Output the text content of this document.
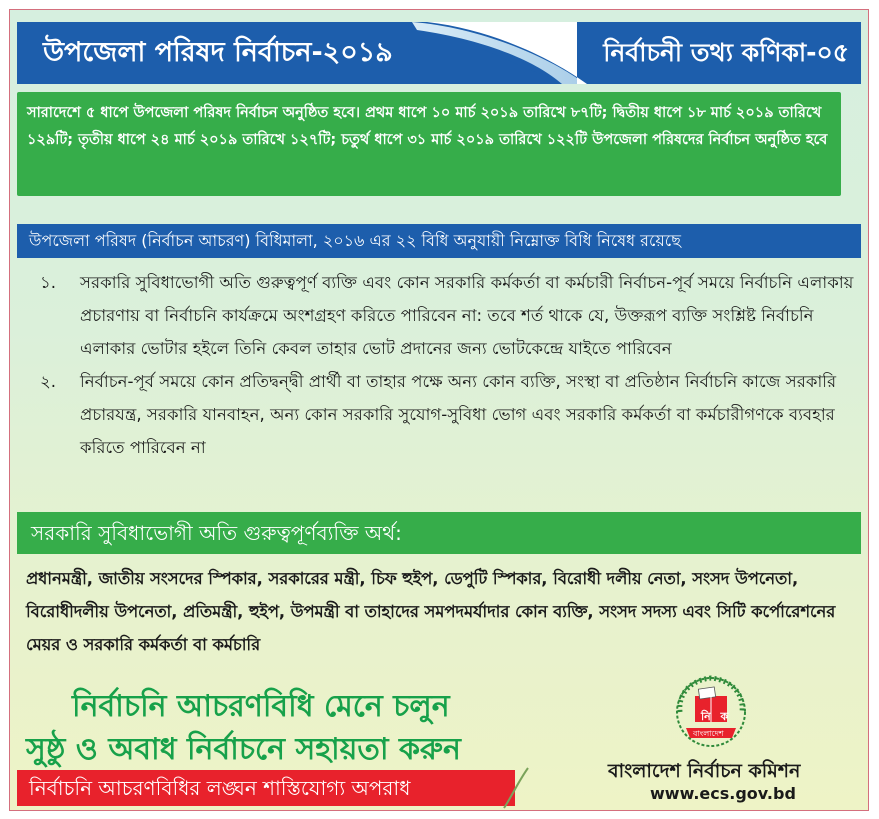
উপজেলা পরিষদ নির্বাচন-২০১৯	নির্বাচনী তথ্য কণিকা-০৫
সারাদেশে ৫ ধাপে উপজেলা পরিষদ নির্বাচন অনুষ্ঠিত হবে। প্রথম ধাপে ১০ মার্চ ২০১৯ তারিখে ৮৭টি; দ্বিতীয় ধাপে ১৮ মার্চ ২০১৯ তারিখে ১২৯টি; তৃতীয় ধাপে ২৪ মার্চ ২০১৯ তারিখে ১২৭টি; চতুর্থ ধাপে ৩১ মার্চ ২০১৯ তারিখে ১২২টি উপজেলা পরিষদের নির্বাচন অনুষ্ঠিত হবে
উপজেলা পরিষদ (নির্বাচন আচরণ) বিধিমালা, ২০১৬ এর ২২ বিধি অনুযায়ী নিম্নোক্ত বিধি নিষেধ রয়েছে
১. সরকারি সুবিধাভোগী অতি গুরুত্বপূর্ণ ব্যক্তি এবং কোন সরকারি কর্মকর্তা বা কর্মচারী নির্বাচন-পূর্ব সময়ে নির্বাচনি এলাকায় প্রচারণায় বা নির্বাচনি কার্যক্রমে অংশগ্রহণ করিতে পারিবেন না: তবে শর্ত থাকে যে, উক্তরূপ ব্যক্তি সংশ্লিষ্ট নির্বাচনি এলাকার ভোটার হইলে তিনি কেবল তাহার ভোট প্রদানের জন্য ভোটকেন্দ্রে যাইতে পারিবেন
২. নির্বাচন-পূর্ব সময়ে কোন প্রতিদ্বন্দ্বী প্রার্থী বা তাহার পক্ষে অন্য কোন ব্যক্তি, সংস্থা বা প্রতিষ্ঠান নির্বাচনি কাজে সরকারি প্রচারযন্ত্র, সরকারি যানবাহন, অন্য কোন সরকারি সুযোগ-সুবিধা ভোগ এবং সরকারি কর্মকর্তা বা কর্মচারীগণকে ব্যবহার করিতে পারিবেন না
সরকারি সুবিধাভোগী অতি গুরুত্বপূর্ণব্যক্তি অর্থ:
প্রধানমন্ত্রী, জাতীয় সংসদের স্পিকার, সরকারের মন্ত্রী, চিফ হুইপ, ডেপুটি স্পিকার, বিরোধী দলীয় নেতা, সংসদ উপনেতা, বিরোধীদলীয় উপনেতা, প্রতিমন্ত্রী, হুইপ, উপমন্ত্রী বা তাহাদের সমপদমর্যাদার কোন ব্যক্তি, সংসদ সদস্য এবং সিটি কর্পোরেশনের মেয়র ও সরকারি কর্মকর্তা বা কর্মচারি
নির্বাচনি আচরণবিধি মেনে চলুন
সুষ্ঠু ও অবাধ নির্বাচনে সহায়তা করুন
নির্বাচনি আচরণবিধির লঙ্ঘন শাস্তিযোগ্য অপরাধ
নি ক
বাংলাদেশ
বাংলাদেশ নির্বাচন কমিশন
www.ecs.gov.bd
